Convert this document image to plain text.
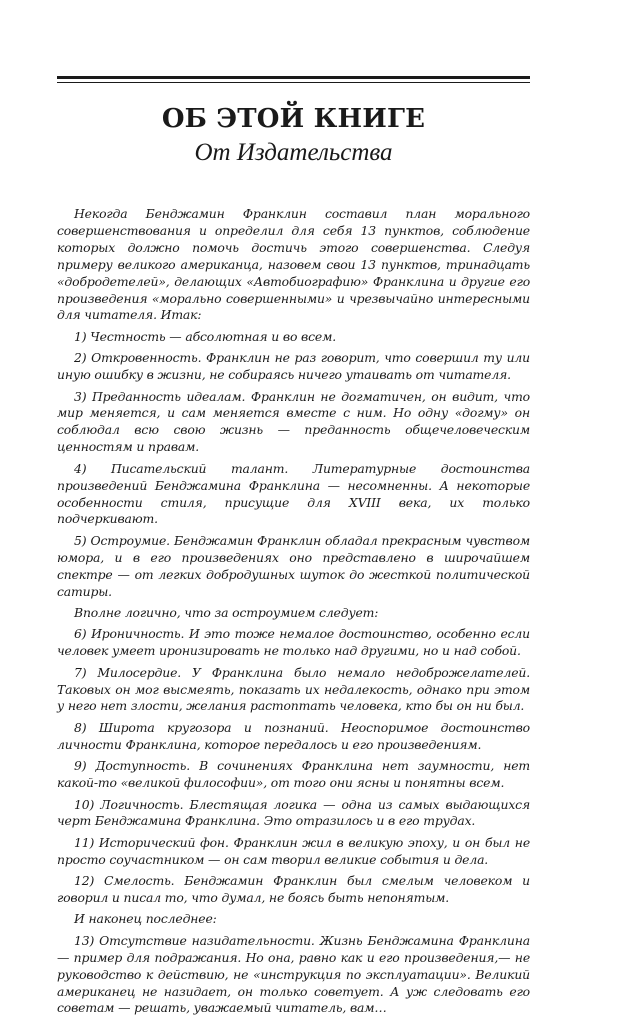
ОБ ЭТОЙ КНИГЕ
От Издательства

Некогда Бенджамин Франклин составил план морального совершенствования и определил для себя 13 пунктов, соблюдение которых должно помочь достичь этого совершенства. Следуя примеру великого американца, назовем свои 13 пунктов, тринадцать «добродетелей», делающих «Автобиографию» Франклина и другие его произведения «морально совершенными» и чрезвычайно интересными для читателя. Итак:

1) Честность — абсолютная и во всем.

2) Откровенность. Франклин не раз говорит, что совершил ту или иную ошибку в жизни, не собираясь ничего утаивать от читателя.

3) Преданность идеалам. Франклин не догматичен, он видит, что мир меняется, и сам меняется вместе с ним. Но одну «догму» он соблюдал всю свою жизнь — преданность общечеловеческим ценностям и правам.

4) Писательский талант. Литературные достоинства произведений Бенджамина Франклина — несомненны. А некоторые особенности стиля, присущие для XVIII века, их только подчеркивают.

5) Остроумие. Бенджамин Франклин обладал прекрасным чувством юмора, и в его произведениях оно представлено в широчайшем спектре — от легких добродушных шуток до жесткой политической сатиры.

Вполне логично, что за остроумием следует:

6) Ироничность. И это тоже немалое достоинство, особенно если человек умеет иронизировать не только над другими, но и над собой.

7) Милосердие. У Франклина было немало недоброжелателей. Таковых он мог высмеять, показать их недалекость, однако при этом у него нет злости, желания растоптать человека, кто бы он ни был.

8) Широта кругозора и познаний. Неоспоримое достоинство личности Франклина, которое передалось и его произведениям.

9) Доступность. В сочинениях Франклина нет заумности, нет какой-то «великой философии», от того они ясны и понятны всем.

10) Логичность. Блестящая логика — одна из самых выдающихся черт Бенджамина Франклина. Это отразилось и в его трудах.

11) Исторический фон. Франклин жил в великую эпоху, и он был не просто соучастником — он сам творил великие события и дела.

12) Смелость. Бенджамин Франклин был смелым человеком и говорил и писал то, что думал, не боясь быть непонятым.

И наконец последнее:

13) Отсутствие назидательности. Жизнь Бенджамина Франклина — пример для подражания. Но она, равно как и его произведения,— не руководство к действию, не «инструкция по эксплуатации». Великий американец не назидает, он только советует. А уж следовать его советам — решать, уважаемый читатель, вам…
